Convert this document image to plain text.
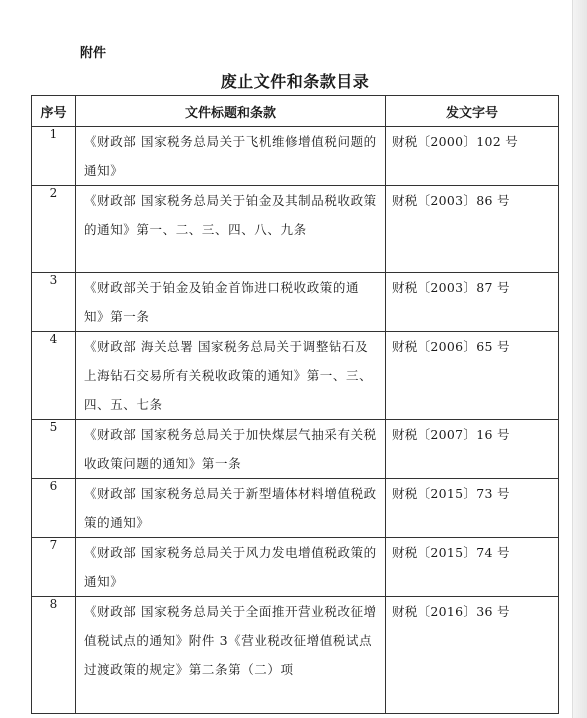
附件
废止文件和条款目录
序号	文件标题和条款	发文字号
1	《财政部 国家税务总局关于飞机维修增值税问题的通知》	财税〔2000〕102 号
2	《财政部 国家税务总局关于铂金及其制品税收政策的通知》第一、二、三、四、八、九条	财税〔2003〕86 号
3	《财政部关于铂金及铂金首饰进口税收政策的通知》第一条	财税〔2003〕87 号
4	《财政部 海关总署 国家税务总局关于调整钻石及上海钻石交易所有关税收政策的通知》第一、三、四、五、七条	财税〔2006〕65 号
5	《财政部 国家税务总局关于加快煤层气抽采有关税收政策问题的通知》第一条	财税〔2007〕16 号
6	《财政部 国家税务总局关于新型墙体材料增值税政策的通知》	财税〔2015〕73 号
7	《财政部 国家税务总局关于风力发电增值税政策的通知》	财税〔2015〕74 号
8	《财政部 国家税务总局关于全面推开营业税改征增值税试点的通知》附件 3《营业税改征增值税试点过渡政策的规定》第二条第（二）项	财税〔2016〕36 号
